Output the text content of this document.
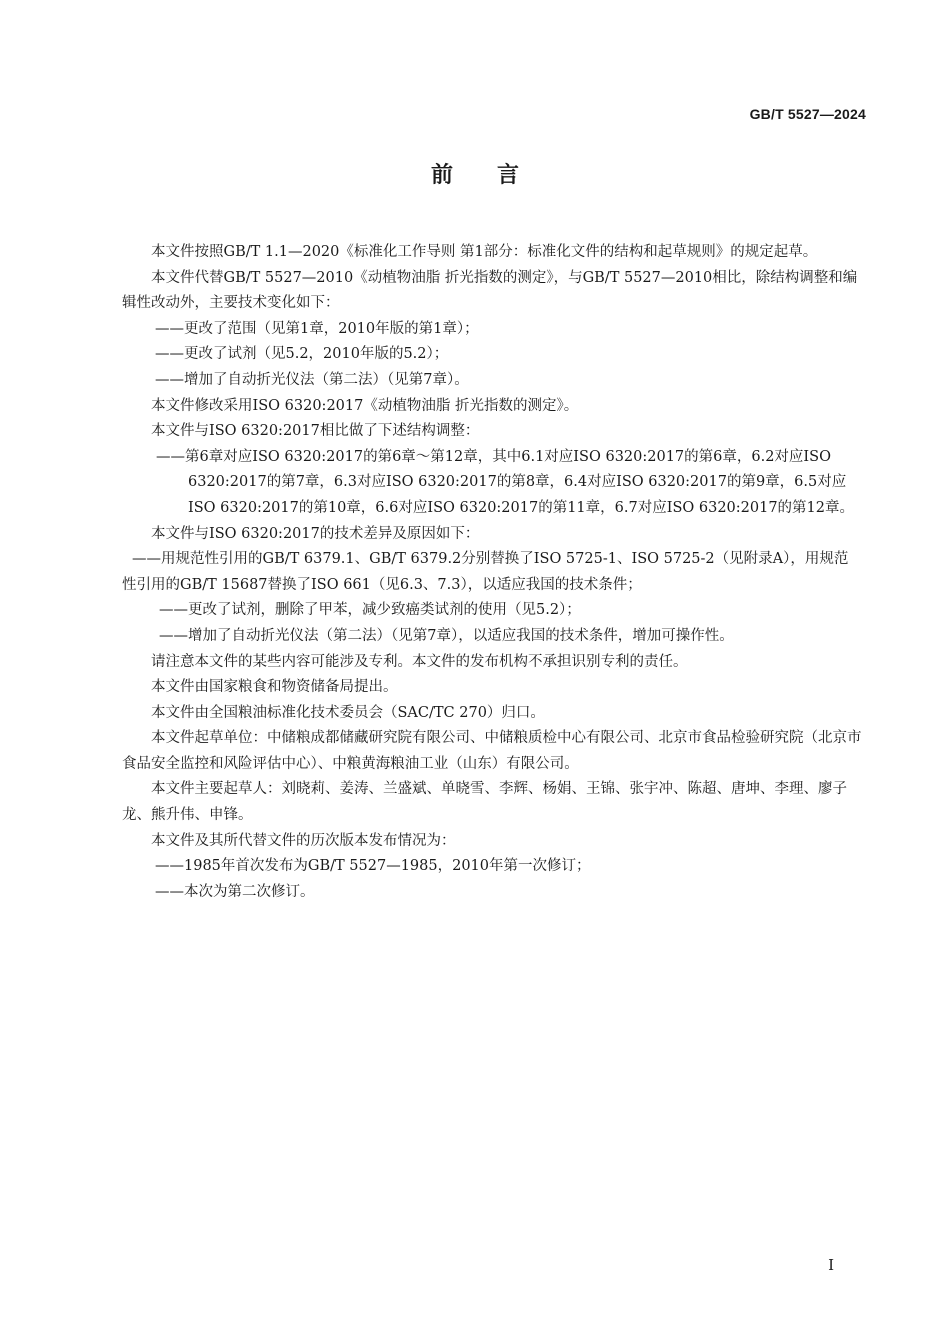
GB/T 5527—2024
前言

本文件按照GB/T 1.1—2020《标准化工作导则 第1部分：标准化文件的结构和起草规则》的规定起草。

本文件代替GB/T 5527—2010《动植物油脂 折光指数的测定》，与GB/T 5527—2010相比，除结构调整和编辑性改动外，主要技术变化如下：

——更改了范围（见第1章，2010年版的第1章）；

——更改了试剂（见5.2，2010年版的5.2）；

——增加了自动折光仪法（第二法）（见第7章）。

本文件修改采用ISO 6320:2017《动植物油脂 折光指数的测定》。

本文件与ISO 6320:2017相比做了下述结构调整：

——第6章对应ISO 6320:2017的第6章～第12章，其中6.1对应ISO 6320:2017的第6章，6.2对应ISO 6320:2017的第7章，6.3对应ISO 6320:2017的第8章，6.4对应ISO 6320:2017的第9章，6.5对应ISO 6320:2017的第10章，6.6对应ISO 6320:2017的第11章，6.7对应ISO 6320:2017的第12章。

本文件与ISO 6320:2017的技术差异及原因如下：

——用规范性引用的GB/T 6379.1、GB/T 6379.2分别替换了ISO 5725-1、ISO 5725-2（见附录A），用规范性引用的GB/T 15687替换了ISO 661（见6.3、7.3），以适应我国的技术条件；

——更改了试剂，删除了甲苯，减少致癌类试剂的使用（见5.2）；

——增加了自动折光仪法（第二法）（见第7章），以适应我国的技术条件，增加可操作性。

请注意本文件的某些内容可能涉及专利。本文件的发布机构不承担识别专利的责任。

本文件由国家粮食和物资储备局提出。

本文件由全国粮油标准化技术委员会（SAC/TC 270）归口。

本文件起草单位：中储粮成都储藏研究院有限公司、中储粮质检中心有限公司、北京市食品检验研究院（北京市食品安全监控和风险评估中心）、中粮黄海粮油工业（山东）有限公司。

本文件主要起草人：刘晓莉、姜涛、兰盛斌、单晓雪、李辉、杨娟、王锦、张宇冲、陈超、唐坤、李理、廖子龙、熊升伟、申锋。

本文件及其所代替文件的历次版本发布情况为：

——1985年首次发布为GB/T 5527—1985，2010年第一次修订；

——本次为第二次修订。

I
